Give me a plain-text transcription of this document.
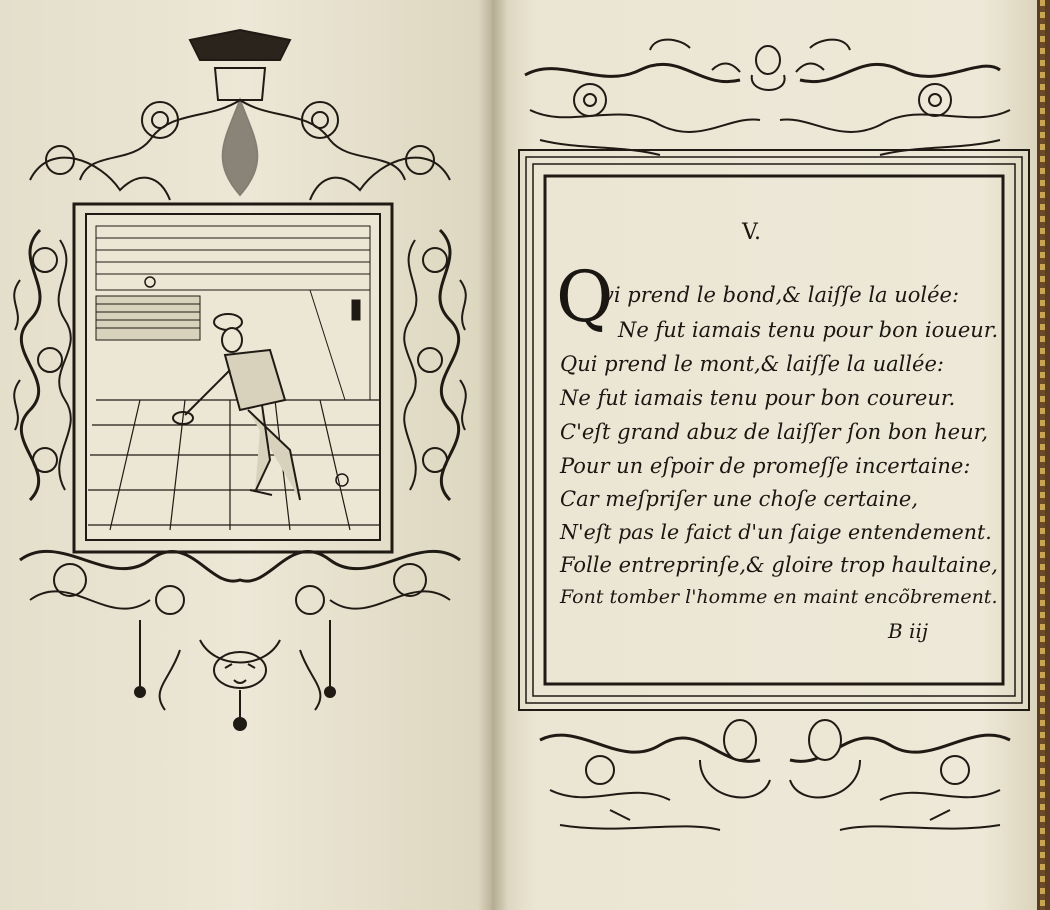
V.
Q
vi prend le bond,& laiſſe la uolée:
Ne fut iamais tenu pour bon ioueur.
Qui prend le mont,& laiſſe la uallée:
Ne fut iamais tenu pour bon coureur.
C'eſt grand abuz de laiſſer ſon bon heur,
Pour un eſpoir de promeſſe incertaine:
Car meſpriſer une choſe certaine,
N'eſt pas le faict d'un ſaige entendement.
Folle entreprinſe,& gloire trop haultaine,
Font tomber l'homme en maint encõbrement.
B iij
